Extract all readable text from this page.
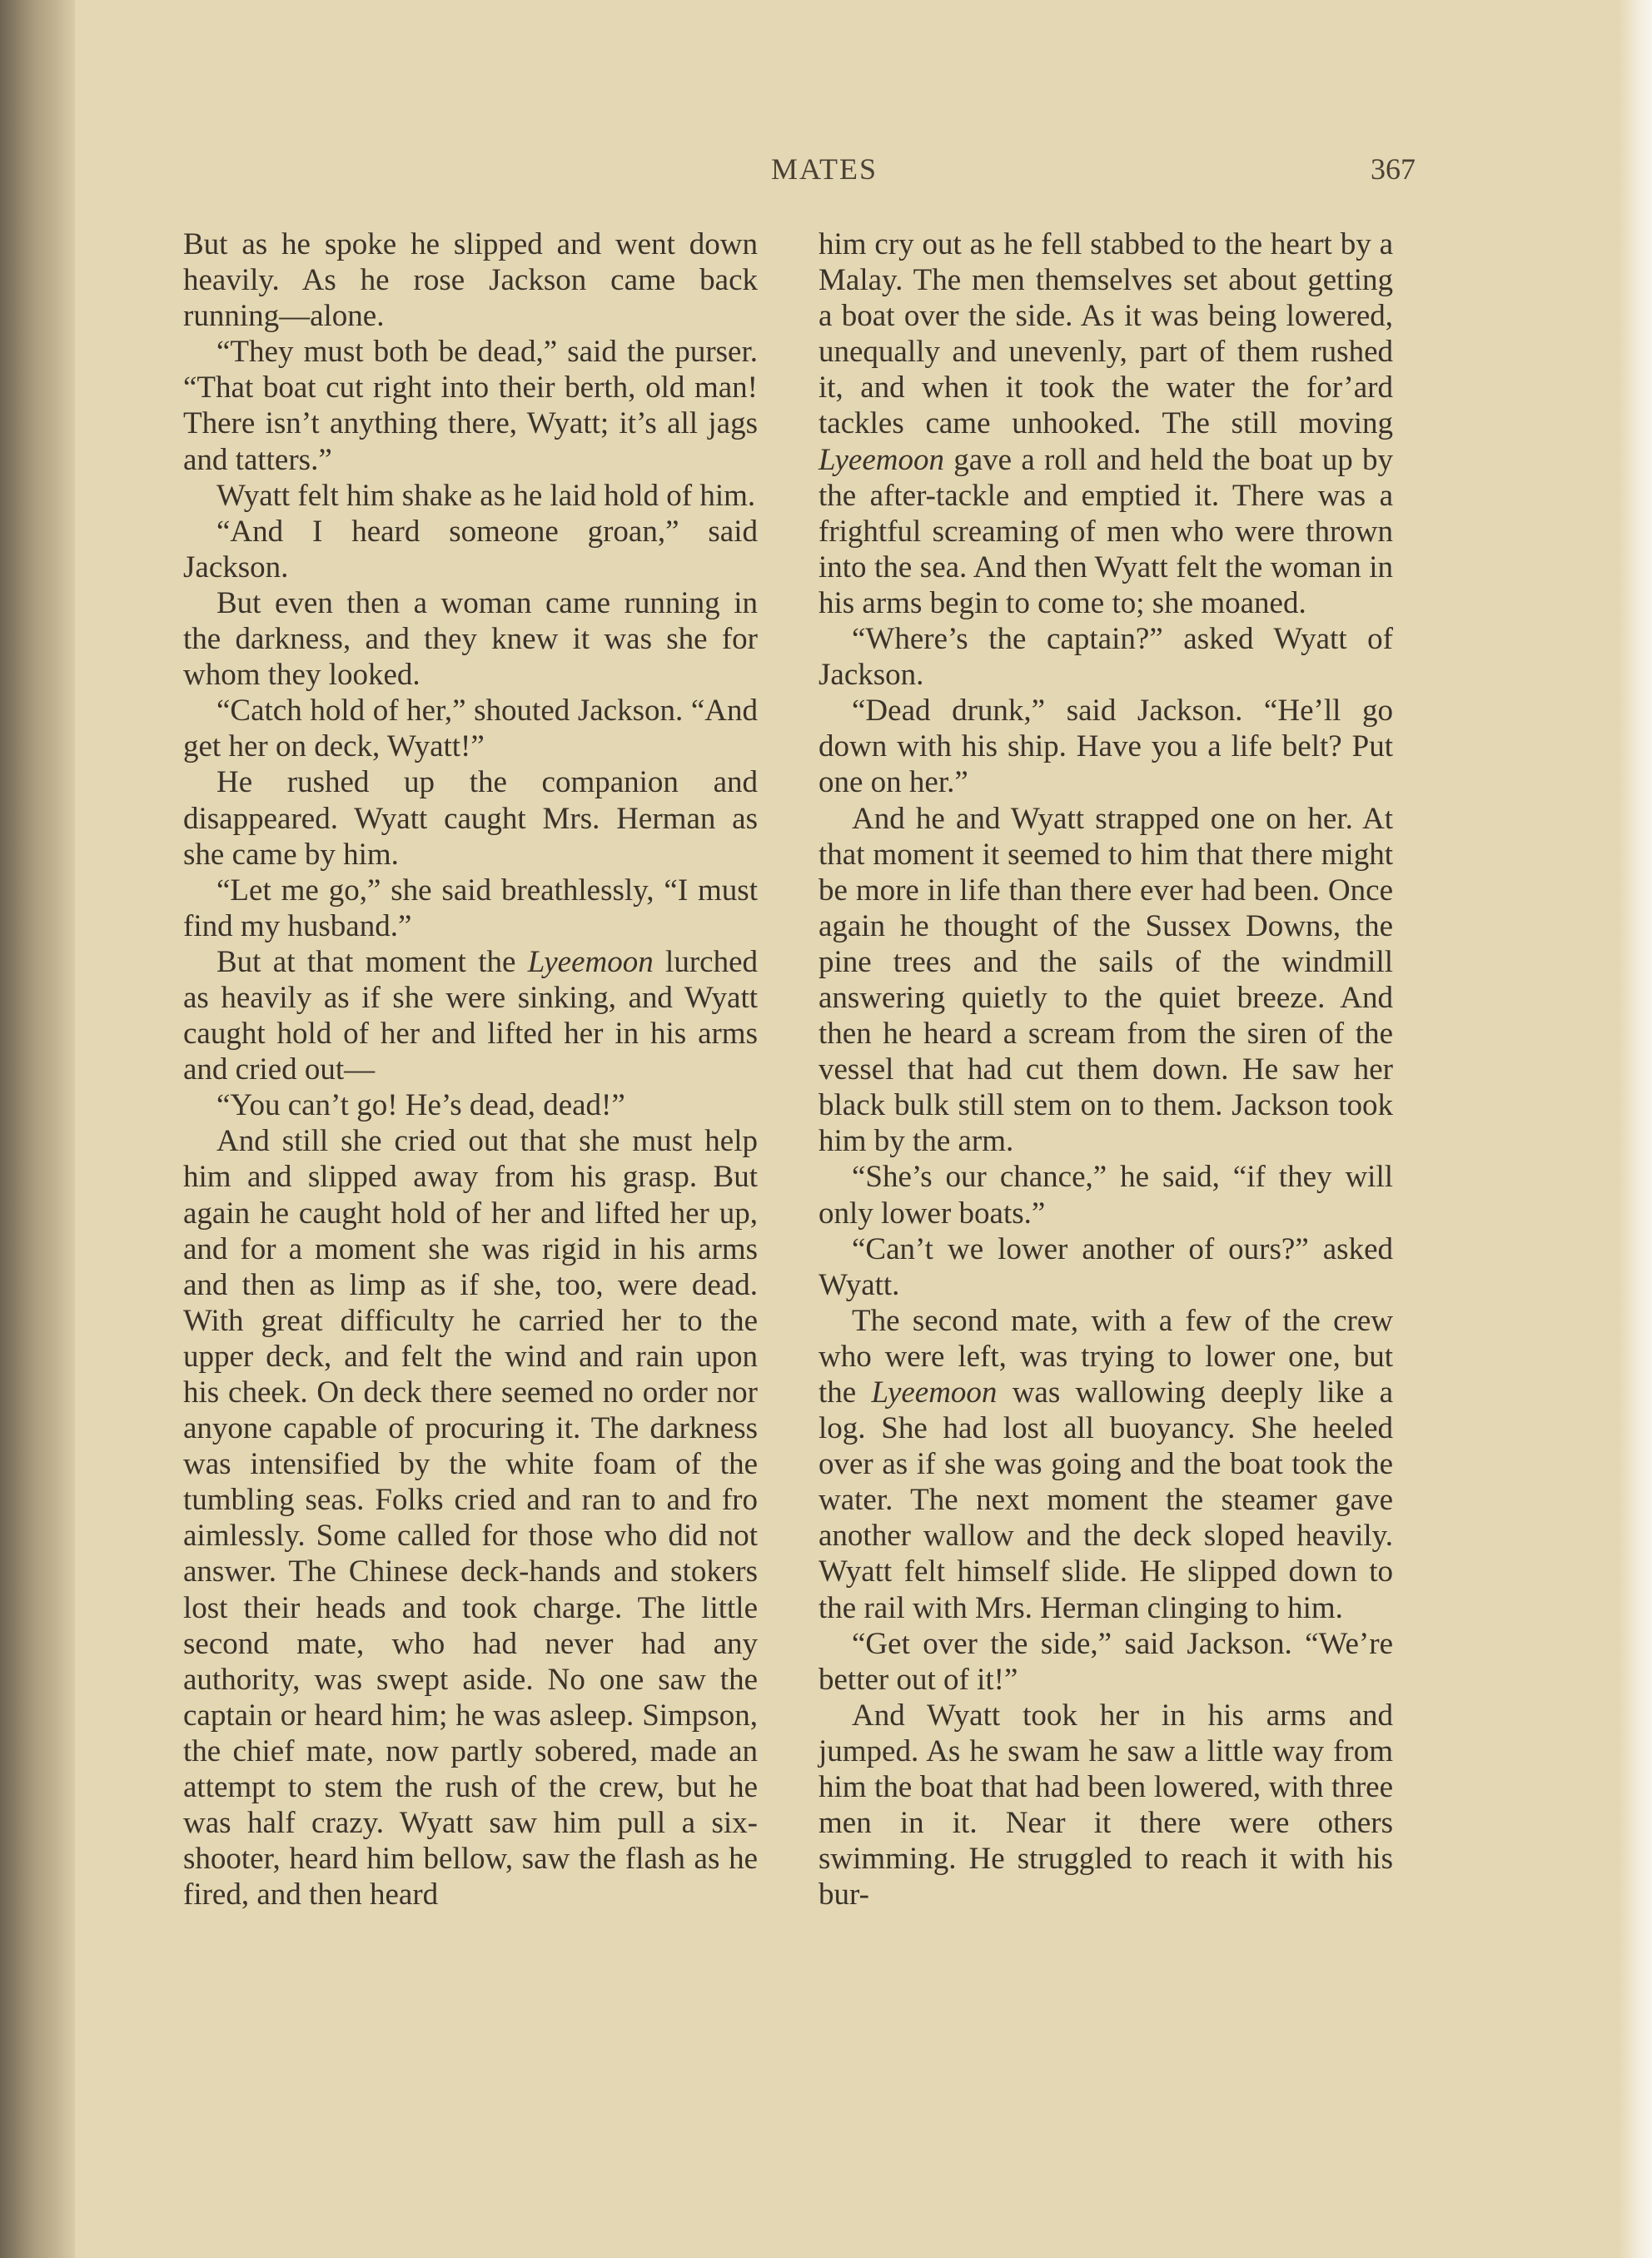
MATES	367

But as he spoke he slipped and went down heavily. As he rose Jackson came back running—alone.

“They must both be dead,” said the purser. “That boat cut right into their berth, old man! There isn’t anything there, Wyatt; it’s all jags and tatters.”

Wyatt felt him shake as he laid hold of him.

“And I heard someone groan,” said Jackson.

But even then a woman came running in the darkness, and they knew it was she for whom they looked.

“Catch hold of her,” shouted Jackson. “And get her on deck, Wyatt!”

He rushed up the companion and disappeared. Wyatt caught Mrs. Herman as she came by him.

“Let me go,” she said breathlessly, “I must find my husband.”

But at that moment the Lyeemoon lurched as heavily as if she were sinking, and Wyatt caught hold of her and lifted her in his arms and cried out—

“You can’t go! He’s dead, dead!”

And still she cried out that she must help him and slipped away from his grasp. But again he caught hold of her and lifted her up, and for a moment she was rigid in his arms and then as limp as if she, too, were dead. With great difficulty he carried her to the upper deck, and felt the wind and rain upon his cheek. On deck there seemed no order nor anyone capable of procuring it. The darkness was intensified by the white foam of the tumbling seas. Folks cried and ran to and fro aimlessly. Some called for those who did not answer. The Chinese deck-hands and stokers lost their heads and took charge. The little second mate, who had never had any authority, was swept aside. No one saw the captain or heard him; he was asleep. Simpson, the chief mate, now partly sobered, made an attempt to stem the rush of the crew, but he was half crazy. Wyatt saw him pull a six-shooter, heard him bellow, saw the flash as he fired, and then heard

him cry out as he fell stabbed to the heart by a Malay. The men themselves set about getting a boat over the side. As it was being lowered, unequally and unevenly, part of them rushed it, and when it took the water the for’ard tackles came unhooked. The still moving Lyeemoon gave a roll and held the boat up by the after-tackle and emptied it. There was a frightful screaming of men who were thrown into the sea. And then Wyatt felt the woman in his arms begin to come to; she moaned.

“Where’s the captain?” asked Wyatt of Jackson.

“Dead drunk,” said Jackson. “He’ll go down with his ship. Have you a life belt? Put one on her.”

And he and Wyatt strapped one on her. At that moment it seemed to him that there might be more in life than there ever had been. Once again he thought of the Sussex Downs, the pine trees and the sails of the windmill answering quietly to the quiet breeze. And then he heard a scream from the siren of the vessel that had cut them down. He saw her black bulk still stem on to them. Jackson took him by the arm.

“She’s our chance,” he said, “if they will only lower boats.”

“Can’t we lower another of ours?” asked Wyatt.

The second mate, with a few of the crew who were left, was trying to lower one, but the Lyeemoon was wallowing deeply like a log. She had lost all buoyancy. She heeled over as if she was going and the boat took the water. The next moment the steamer gave another wallow and the deck sloped heavily. Wyatt felt himself slide. He slipped down to the rail with Mrs. Herman clinging to him.

“Get over the side,” said Jackson. “We’re better out of it!”

And Wyatt took her in his arms and jumped. As he swam he saw a little way from him the boat that had been lowered, with three men in it. Near it there were others swimming. He struggled to reach it with his bur-
